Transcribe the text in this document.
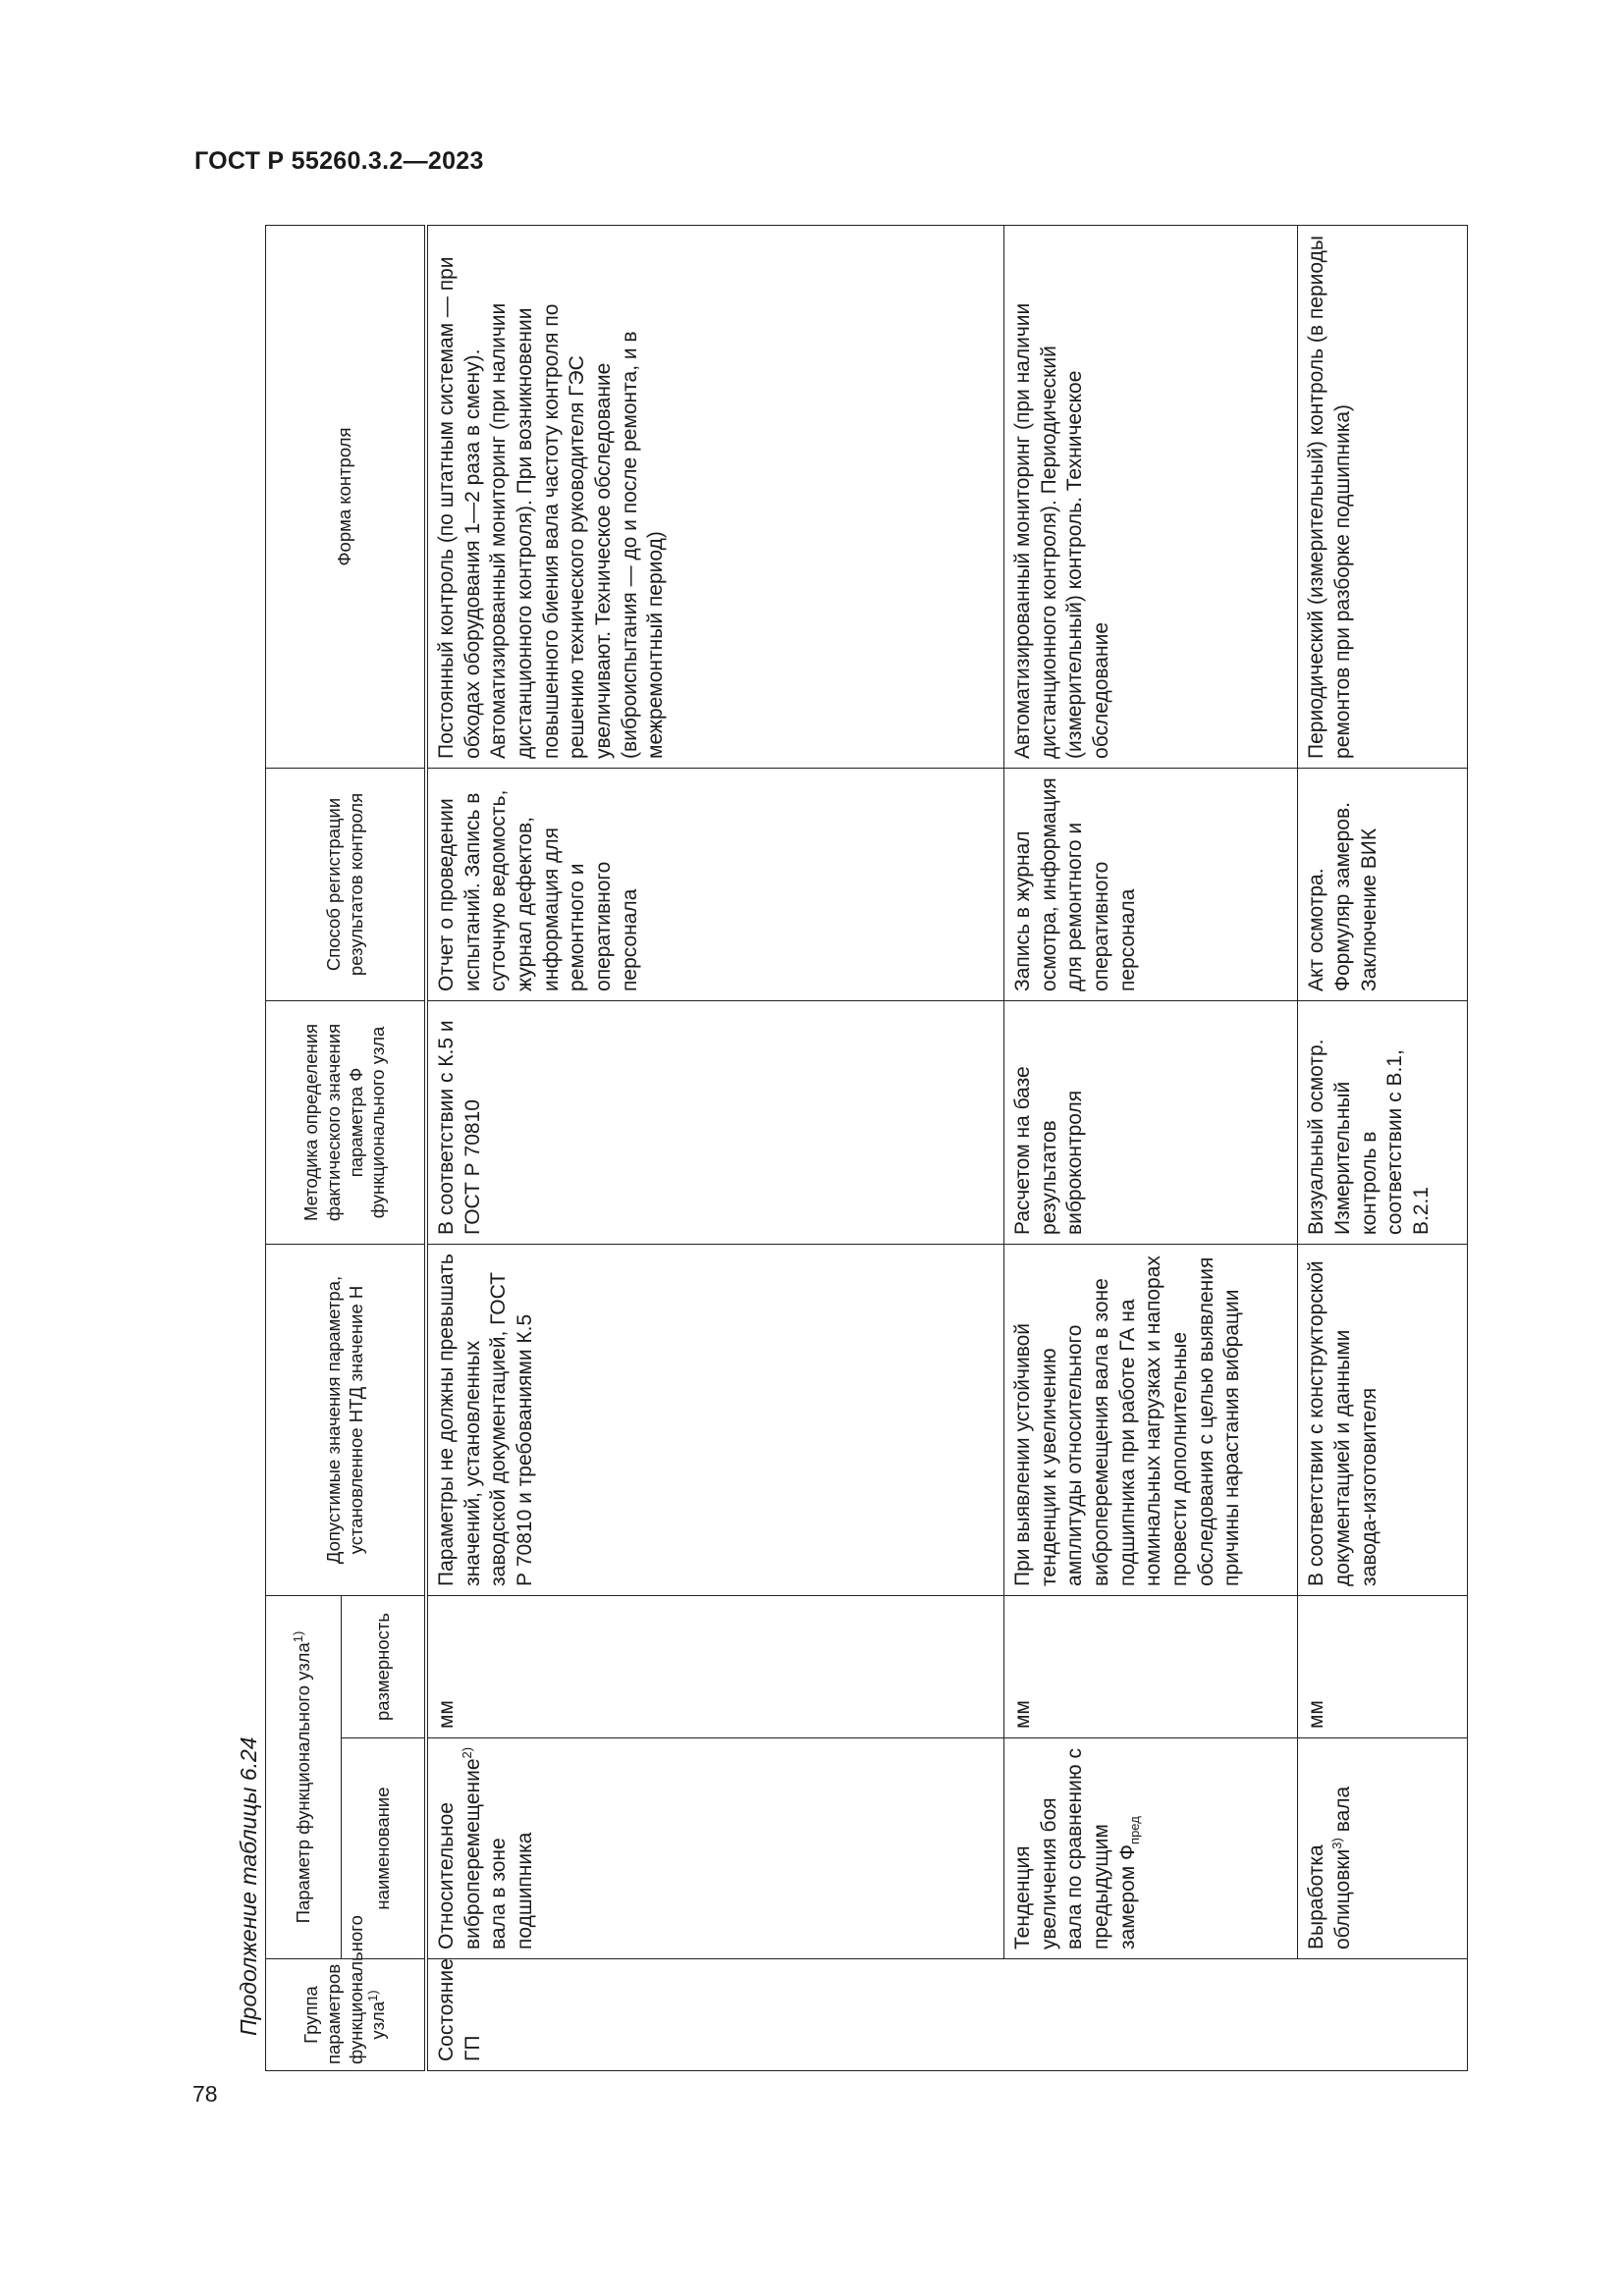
ГОСТ Р 55260.3.2—2023
Продолжение таблицы 6.24 Группа параметров функционального узла$^{1)}$	Параметр функционального узла$^{1)}$		Допустимые значения параметра, установленное НТД значение Н	Методика определения фактического значения параметра Ф функционального узла	Способ регистрации результатов контроля	Форма контроля
	наименование	размерность				
Состояние ГП	Относительное виброперемещение$^{2)}$ вала в зоне подшипника	мм	Параметры не должны превышать значений, установленных заводской документацией, ГОСТ Р 70810 и требованиями К.5	В соответствии с К.5 и ГОСТ Р 70810	Отчет о проведении испытаний. Запись в суточную ведомость, журнал дефектов, информация для ремонтного и оперативного персонала	Постоянный контроль (по штатным системам — при обходах оборудования 1—2 раза в смену). Автоматизированный мониторинг (при наличии дистанционного контроля). При возникновении повышенного биения вала частоту контроля по решению технического руководителя ГЭС увеличивают. Техническое обследование (виброиспытания — до и после ремонта, и в межремонтный период)
	Тенденция увеличения боя вала по сравнению с предыдущим замером $Ф_{пред}$	мм	При выявлении устойчивой тенденции к увеличению амплитуды относительного виброперемещения вала в зоне подшипника при работе ГА на номинальных нагрузках и напорах провести дополнительные обследования с целью выявления причины нарастания вибрации	Расчетом на базе результатов виброконтроля	Запись в журнал осмотра, информация для ремонтного и оперативного персонала	Автоматизированный мониторинг (при наличии дистанционного контроля). Периодический (измерительный) контроль. Техническое обследование
	Выработка облицовки$^{3)}$ вала	мм	В соответствии с конструкторской документацией и данными завода-изготовителя	Визуальный осмотр. Измерительный контроль в соответствии с В.1, В.2.1	Акт осмотра. Формуляр замеров. Заключение ВИК	Периодический (измерительный) контроль (в периоды ремонтов при разборке подшипника)
78
